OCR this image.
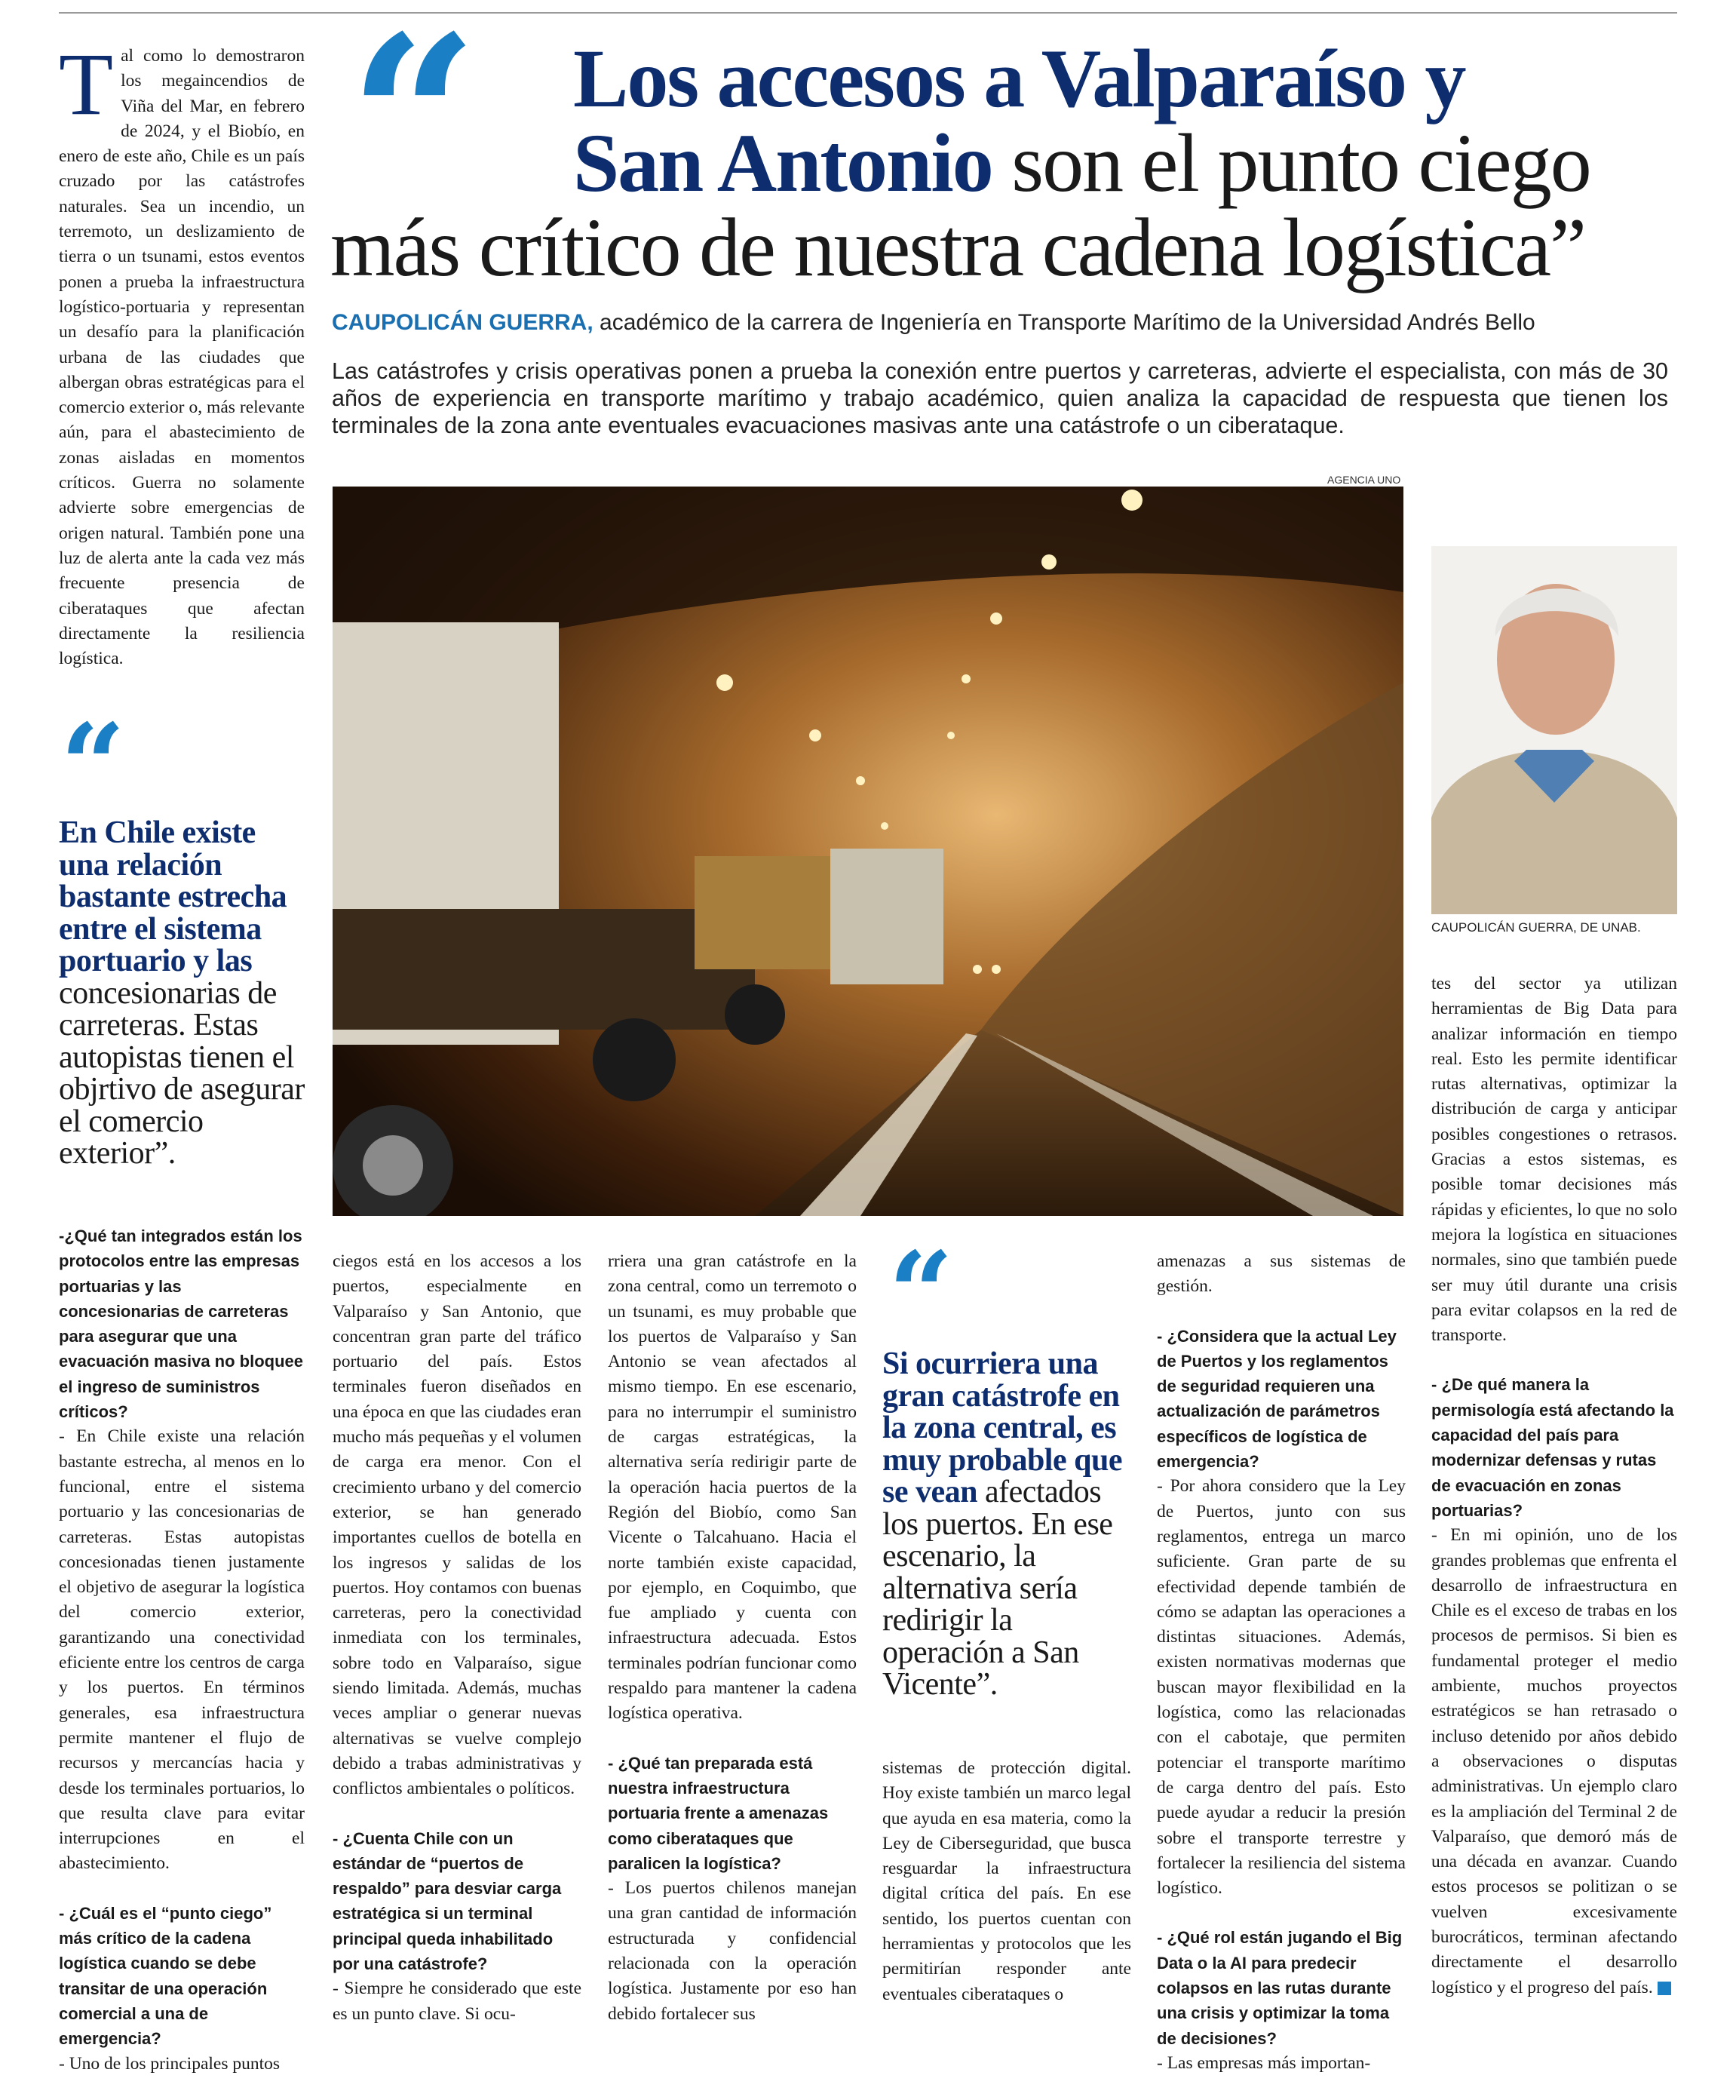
“ Los accesos a Valparaíso y
San Antonio son el punto ciego
más crítico de nuestra cadena logística”
CAUPOLICÁN GUERRA, académico de la carrera de Ingeniería en Transporte Marítimo de la Universidad Andrés Bello
Las catástrofes y crisis operativas ponen a prueba la conexión entre puertos y carreteras, advierte el especialista, con más de 30 años de experiencia en transporte marítimo y trabajo académico, quien analiza la capacidad de respuesta que tienen los terminales de la zona ante eventuales evacuaciones masivas ante una catástrofe o un ciberataque.
Tal como lo demostraron los megaincendios de Viña del Mar, en febrero de 2024, y el Biobío, en enero de este año, Chile es un país cruzado por las catástrofes naturales. Sea un incendio, un terremoto, un deslizamiento de tierra o un tsunami, estos eventos ponen a prueba la infraestructura logístico-portuaria y representan un desafío para la planificación urbana de las ciudades que albergan obras estratégicas para el comercio exterior o, más relevante aún, para el abastecimiento de zonas aisladas en momentos críticos. Guerra no solamente advierte sobre emergencias de origen natural. También pone una luz de alerta ante la cada vez más frecuente presencia de ciberataques que afectan directamente la resiliencia logística.
“
En Chile existe una relación bastante estrecha entre el sistema portuario y las concesionarias de carreteras. Estas autopistas tienen el objrtivo de asegurar el comercio exterior”.
AGENCIA UNO
CAUPOLICÁN GUERRA, DE UNAB.

-¿Qué tan integrados están los protocolos entre las empresas portuarias y las concesionarias de carreteras para asegurar que una evacuación masiva no bloquee el ingreso de suministros críticos?

- En Chile existe una relación bastante estrecha, al menos en lo funcional, entre el sistema portuario y las concesionarias de carreteras. Estas autopistas concesionadas tienen justamente el objetivo de asegurar la logística del comercio exterior, garantizando una conectividad eficiente entre los centros de carga y los puertos. En términos generales, esa infraestructura permite mantener el flujo de recursos y mercancías hacia y desde los terminales portuarios, lo que resulta clave para evitar interrupciones en el abastecimiento.

- ¿Cuál es el “punto ciego” más crítico de la cadena logística cuando se debe transitar de una operación comercial a una de emergencia?

- Uno de los principales puntos

ciegos está en los accesos a los puertos, especialmente en Valparaíso y San Antonio, que concentran gran parte del tráfico portuario del país. Estos terminales fueron diseñados en una época en que las ciudades eran mucho más pequeñas y el volumen de carga era menor. Con el crecimiento urbano y del comercio exterior, se han generado importantes cuellos de botella en los ingresos y salidas de los puertos. Hoy contamos con buenas carreteras, pero la conectividad inmediata con los terminales, sobre todo en Valparaíso, sigue siendo limitada. Además, muchas veces ampliar o generar nuevas alternativas se vuelve complejo debido a trabas administrativas y conflictos ambientales o políticos.

- ¿Cuenta Chile con un estándar de “puertos de respaldo” para desviar carga estratégica si un terminal principal queda inhabilitado por una catástrofe?

- Siempre he considerado que este es un punto clave. Si ocu-

rriera una gran catástrofe en la zona central, como un terremoto o un tsunami, es muy probable que los puertos de Valparaíso y San Antonio se vean afectados al mismo tiempo. En ese escenario, para no interrumpir el suministro de cargas estratégicas, la alternativa sería redirigir parte de la operación hacia puertos de la Región del Biobío, como San Vicente o Talcahuano. Hacia el norte también existe capacidad, por ejemplo, en Coquimbo, que fue ampliado y cuenta con infraestructura adecuada. Estos terminales podrían funcionar como respaldo para mantener la cadena logística operativa.

- ¿Qué tan preparada está nuestra infraestructura portuaria frente a amenazas como ciberataques que paralicen la logística?

- Los puertos chilenos manejan una gran cantidad de información estructurada y confidencial relacionada con la operación logística. Justamente por eso han debido fortalecer sus

“
Si ocurriera una gran catástrofe en la zona central, es muy probable que se vean afectados los puertos. En ese escenario, la alternativa sería redirigir la operación a San Vicente”.

sistemas de protección digital. Hoy existe también un marco legal que ayuda en esa materia, como la Ley de Ciberseguridad, que busca resguardar la infraestructura digital crítica del país. En ese sentido, los puertos cuentan con herramientas y protocolos que les permitirían responder ante eventuales ciberataques o

amenazas a sus sistemas de gestión.

- ¿Considera que la actual Ley de Puertos y los reglamentos de seguridad requieren una actualización de parámetros específicos de logística de emergencia?

- Por ahora considero que la Ley de Puertos, junto con sus reglamentos, entrega un marco suficiente. Gran parte de su efectividad depende también de cómo se adaptan las operaciones a distintas situaciones. Además, existen normativas modernas que buscan mayor flexibilidad en la logística, como las relacionadas con el cabotaje, que permiten potenciar el transporte marítimo de carga dentro del país. Esto puede ayudar a reducir la presión sobre el transporte terrestre y fortalecer la resiliencia del sistema logístico.

- ¿Qué rol están jugando el Big Data o la AI para predecir colapsos en las rutas durante una crisis y optimizar la toma de decisiones?

- Las empresas más importan-

tes del sector ya utilizan herramientas de Big Data para analizar información en tiempo real. Esto les permite identificar rutas alternativas, optimizar la distribución de carga y anticipar posibles congestiones o retrasos. Gracias a estos sistemas, es posible tomar decisiones más rápidas y eficientes, lo que no solo mejora la logística en situaciones normales, sino que también puede ser muy útil durante una crisis para evitar colapsos en la red de transporte.

- ¿De qué manera la permisología está afectando la capacidad del país para modernizar defensas y rutas de evacuación en zonas portuarias?

- En mi opinión, uno de los grandes problemas que enfrenta el desarrollo de infraestructura en Chile es el exceso de trabas en los procesos de permisos. Si bien es fundamental proteger el medio ambiente, muchos proyectos estratégicos se han retrasado o incluso detenido por años debido a observaciones o disputas administrativas. Un ejemplo claro es la ampliación del Terminal 2 de Valparaíso, que demoró más de una década en avanzar. Cuando estos procesos se politizan o se vuelven excesivamente burocráticos, terminan afectando directamente el desarrollo logístico y el progreso del país.
